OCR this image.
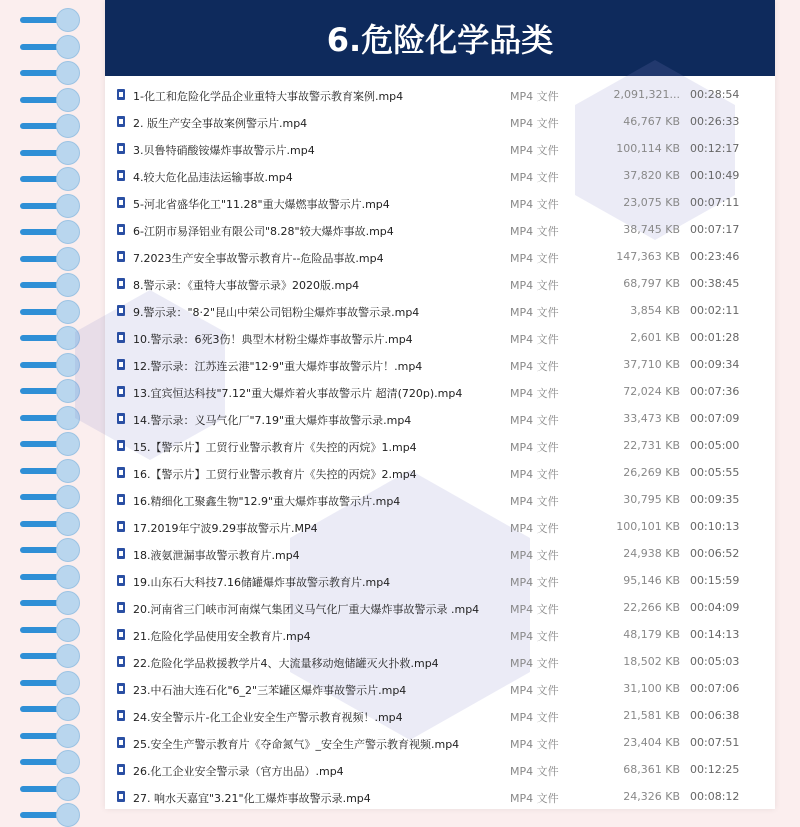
6.危险化学品类
1-化工和危险化学品企业重特大事故警示教育案例.mp4	MP4 文件	2,091,321... 00:28:54
2. 版生产安全事故案例警示片.mp4	MP4 文件	46,767 KB 00:26:33
3.贝鲁特硝酸铵爆炸事故警示片.mp4	MP4 文件	100,114 KB 00:12:17
4.较大危化品违法运输事故.mp4	MP4 文件	37,820 KB 00:10:49
5-河北省盛华化工"11.28"重大爆燃事故警示片.mp4	MP4 文件	23,075 KB 00:07:11
6-江阴市易泽铝业有限公司"8.28"较大爆炸事故.mp4	MP4 文件	38,745 KB 00:07:17
7.2023生产安全事故警示教育片--危险品事故.mp4	MP4 文件	147,363 KB 00:23:46
8.警示录：《重特大事故警示录》2020版.mp4	MP4 文件	68,797 KB 00:38:45
9.警示录："8·2"昆山中荣公司铝粉尘爆炸事故警示录.mp4	MP4 文件	3,854 KB 00:02:11
10.警示录：6死3伤！典型木材粉尘爆炸事故警示片.mp4	MP4 文件	2,601 KB 00:01:28
12.警示录：江苏连云港"12·9"重大爆炸事故警示片！.mp4	MP4 文件	37,710 KB 00:09:34
13.宜宾恒达科技"7.12"重大爆炸着火事故警示片 超清(720p).mp4	MP4 文件	72,024 KB 00:07:36
14.警示录：义马气化厂"7.19"重大爆炸事故警示录.mp4	MP4 文件	33,473 KB 00:07:09
15.【警示片】工贸行业警示教育片《失控的丙烷》1.mp4	MP4 文件	22,731 KB 00:05:00
16.【警示片】工贸行业警示教育片《失控的丙烷》2.mp4	MP4 文件	26,269 KB 00:05:55
16.精细化工聚鑫生物"12.9"重大爆炸事故警示片.mp4	MP4 文件	30,795 KB 00:09:35
17.2019年宁波9.29事故警示片.MP4	MP4 文件	100,101 KB 00:10:13
18.液氨泄漏事故警示教育片.mp4	MP4 文件	24,938 KB 00:06:52
19.山东石大科技7.16储罐爆炸事故警示教育片.mp4	MP4 文件	95,146 KB 00:15:59
20.河南省三门峡市河南煤气集团义马气化厂重大爆炸事故警示录 .mp4	MP4 文件	22,266 KB 00:04:09
21.危险化学品使用安全教育片.mp4	MP4 文件	48,179 KB 00:14:13
22.危险化学品救援教学片4、大流量移动炮储罐灭火扑救.mp4	MP4 文件	18,502 KB 00:05:03
23.中石油大连石化"6_2"三苯罐区爆炸事故警示片.mp4	MP4 文件	31,100 KB 00:07:06
24.安全警示片-化工企业安全生产警示教育视频！.mp4	MP4 文件	21,581 KB 00:06:38
25.安全生产警示教育片《夺命氮气》_安全生产警示教育视频.mp4	MP4 文件	23,404 KB 00:07:51
26.化工企业安全警示录（官方出品）.mp4	MP4 文件	68,361 KB 00:12:25
27. 响水天嘉宜"3.21"化工爆炸事故警示录.mp4	MP4 文件	24,326 KB 00:08:12
